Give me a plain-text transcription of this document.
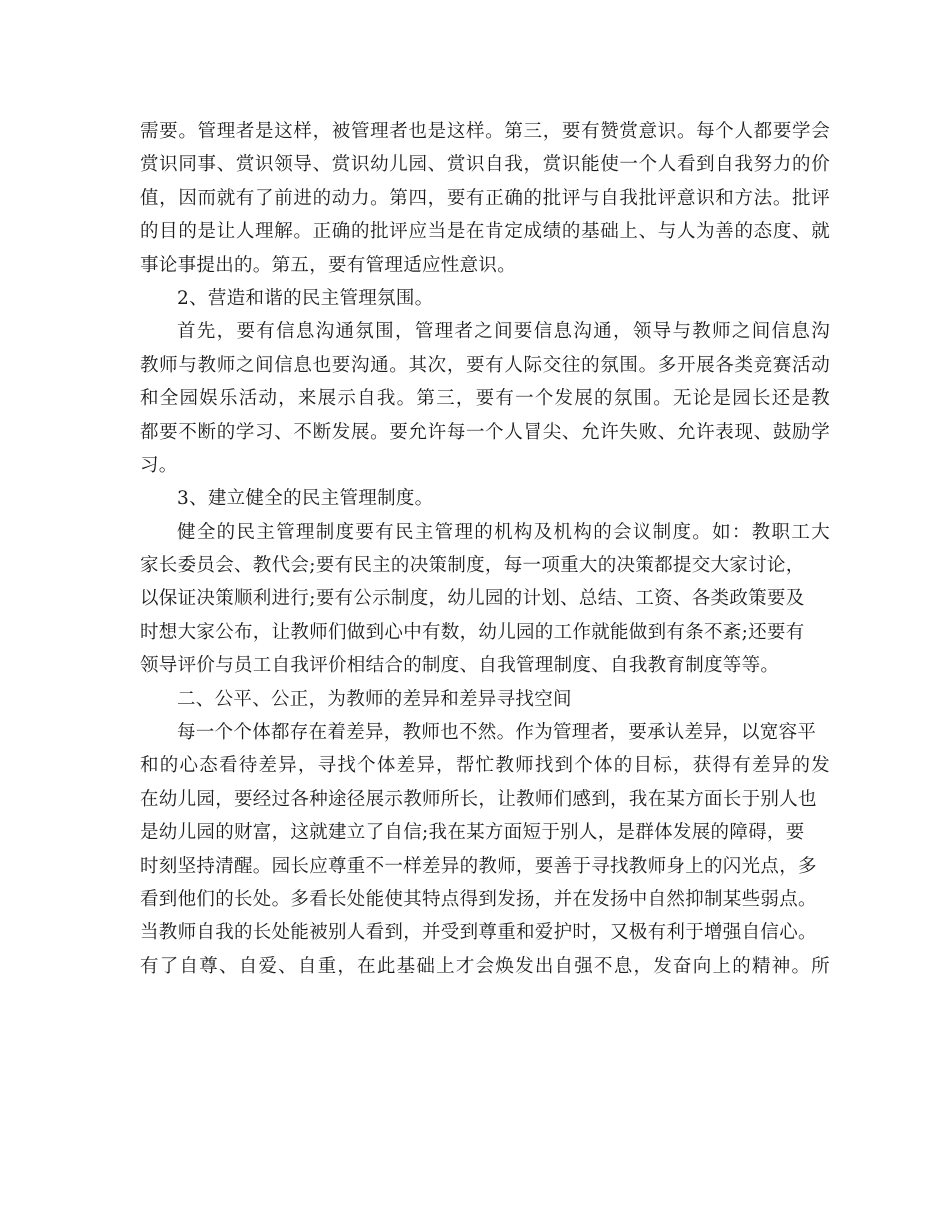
需要。管理者是这样，被管理者也是这样。第三，要有赞赏意识。每个人都要学会
赏识同事、赏识领导、赏识幼儿园、赏识自我，赏识能使一个人看到自我努力的价
值，因而就有了前进的动力。第四，要有正确的批评与自我批评意识和方法。批评
的目的是让人理解。正确的批评应当是在肯定成绩的基础上、与人为善的态度、就
事论事提出的。第五，要有管理适应性意识。
2、营造和谐的民主管理氛围。
首先，要有信息沟通氛围，管理者之间要信息沟通，领导与教师之间信息沟
教师与教师之间信息也要沟通。其次，要有人际交往的氛围。多开展各类竞赛活动
和全园娱乐活动，来展示自我。第三，要有一个发展的氛围。无论是园长还是教
都要不断的学习、不断发展。要允许每一个人冒尖、允许失败、允许表现、鼓励学
习。
3、建立健全的民主管理制度。
健全的民主管理制度要有民主管理的机构及机构的会议制度。如：教职工大
家长委员会、教代会;要有民主的决策制度，每一项重大的决策都提交大家讨论，
以保证决策顺利进行;要有公示制度，幼儿园的计划、总结、工资、各类政策要及
时想大家公布，让教师们做到心中有数，幼儿园的工作就能做到有条不紊;还要有
领导评价与员工自我评价相结合的制度、自我管理制度、自我教育制度等等。
二、公平、公正，为教师的差异和差异寻找空间
每一个个体都存在着差异，教师也不然。作为管理者，要承认差异，以宽容平
和的心态看待差异，寻找个体差异，帮忙教师找到个体的目标，获得有差异的发
在幼儿园，要经过各种途径展示教师所长，让教师们感到，我在某方面长于别人也
是幼儿园的财富，这就建立了自信;我在某方面短于别人，是群体发展的障碍，要
时刻坚持清醒。园长应尊重不一样差异的教师，要善于寻找教师身上的闪光点，多
看到他们的长处。多看长处能使其特点得到发扬，并在发扬中自然抑制某些弱点。
当教师自我的长处能被别人看到，并受到尊重和爱护时，又极有利于增强自信心。
有了自尊、自爱、自重，在此基础上才会焕发出自强不息，发奋向上的精神。所
